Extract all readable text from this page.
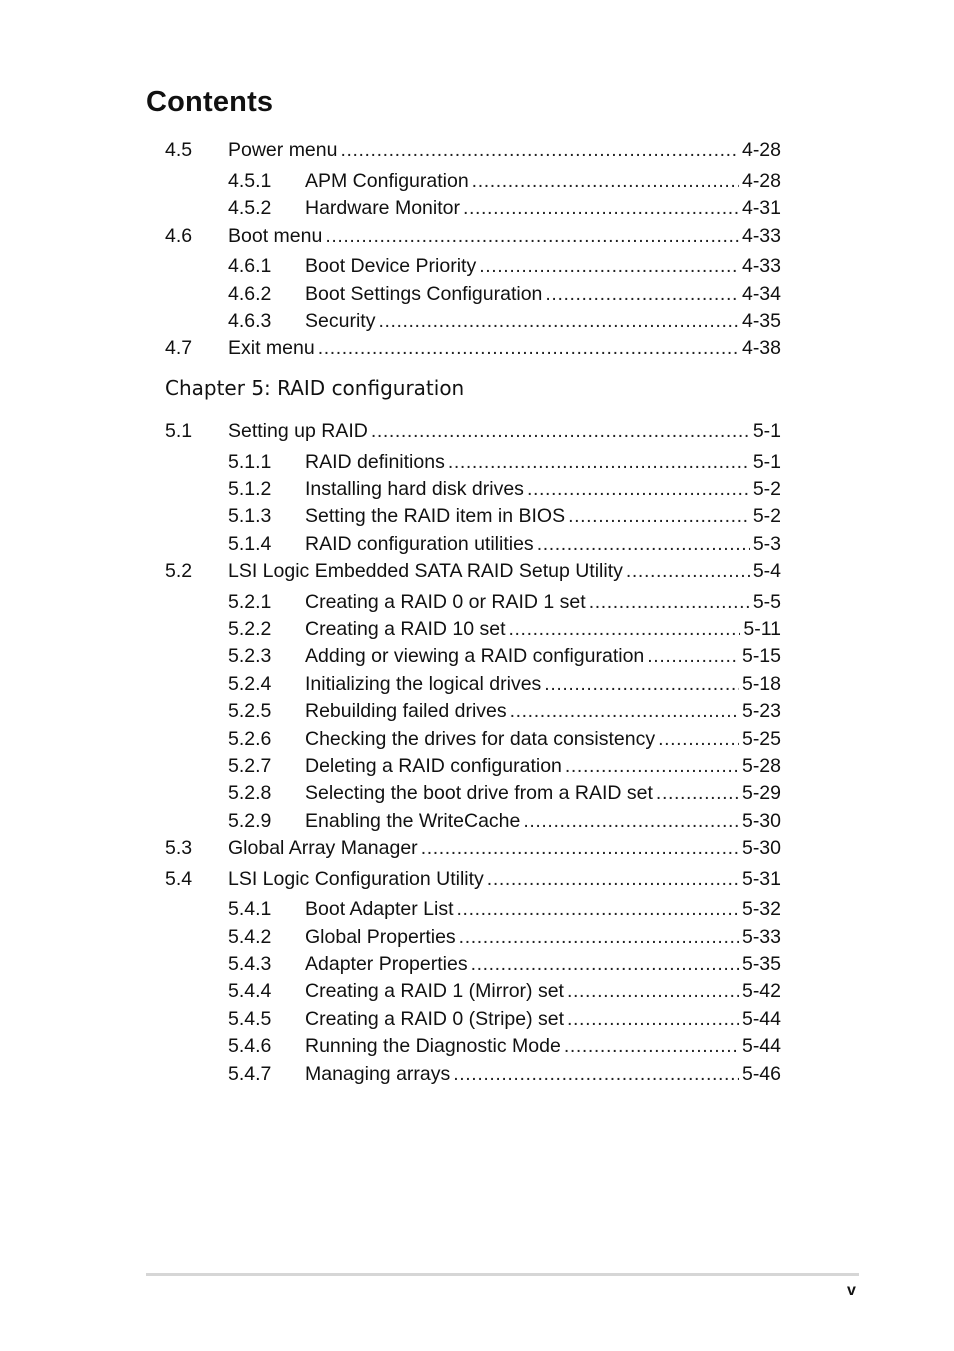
Contents
4.5	Power menu .....	4-28
4.5.1	APM Configuration .....	4-28
4.5.2	Hardware Monitor .....	4-31
4.6	Boot menu .....	4-33
4.6.1	Boot Device Priority .....	4-33
4.6.2	Boot Settings Configuration .....	4-34
4.6.3	Security .....	4-35
4.7	Exit menu .....	4-38
Chapter 5: RAID configuration
5.1	Setting up RAID .....	5-1
5.1.1	RAID definitions .....	5-1
5.1.2	Installing hard disk drives .....	5-2
5.1.3	Setting the RAID item in BIOS .....	5-2
5.1.4	RAID configuration utilities .....	5-3
5.2	LSI Logic Embedded SATA RAID Setup Utility .....	5-4
5.2.1	Creating a RAID 0 or RAID 1 set .....	5-5
5.2.2	Creating a RAID 10 set .....	5-11
5.2.3	Adding or viewing a RAID configuration .....	5-15
5.2.4	Initializing the logical drives .....	5-18
5.2.5	Rebuilding failed drives .....	5-23
5.2.6	Checking the drives for data consistency .....	5-25
5.2.7	Deleting a RAID configuration .....	5-28
5.2.8	Selecting the boot drive from a RAID set .....	5-29
5.2.9	Enabling the WriteCache .....	5-30
5.3	Global Array Manager .....	5-30
5.4	LSI Logic Configuration Utility .....	5-31
5.4.1	Boot Adapter List .....	5-32
5.4.2	Global Properties .....	5-33
5.4.3	Adapter Properties .....	5-35
5.4.4	Creating a RAID 1 (Mirror) set .....	5-42
5.4.5	Creating a RAID 0 (Stripe) set .....	5-44
5.4.6	Running the Diagnostic Mode .....	5-44
5.4.7	Managing arrays .....	5-46
v
